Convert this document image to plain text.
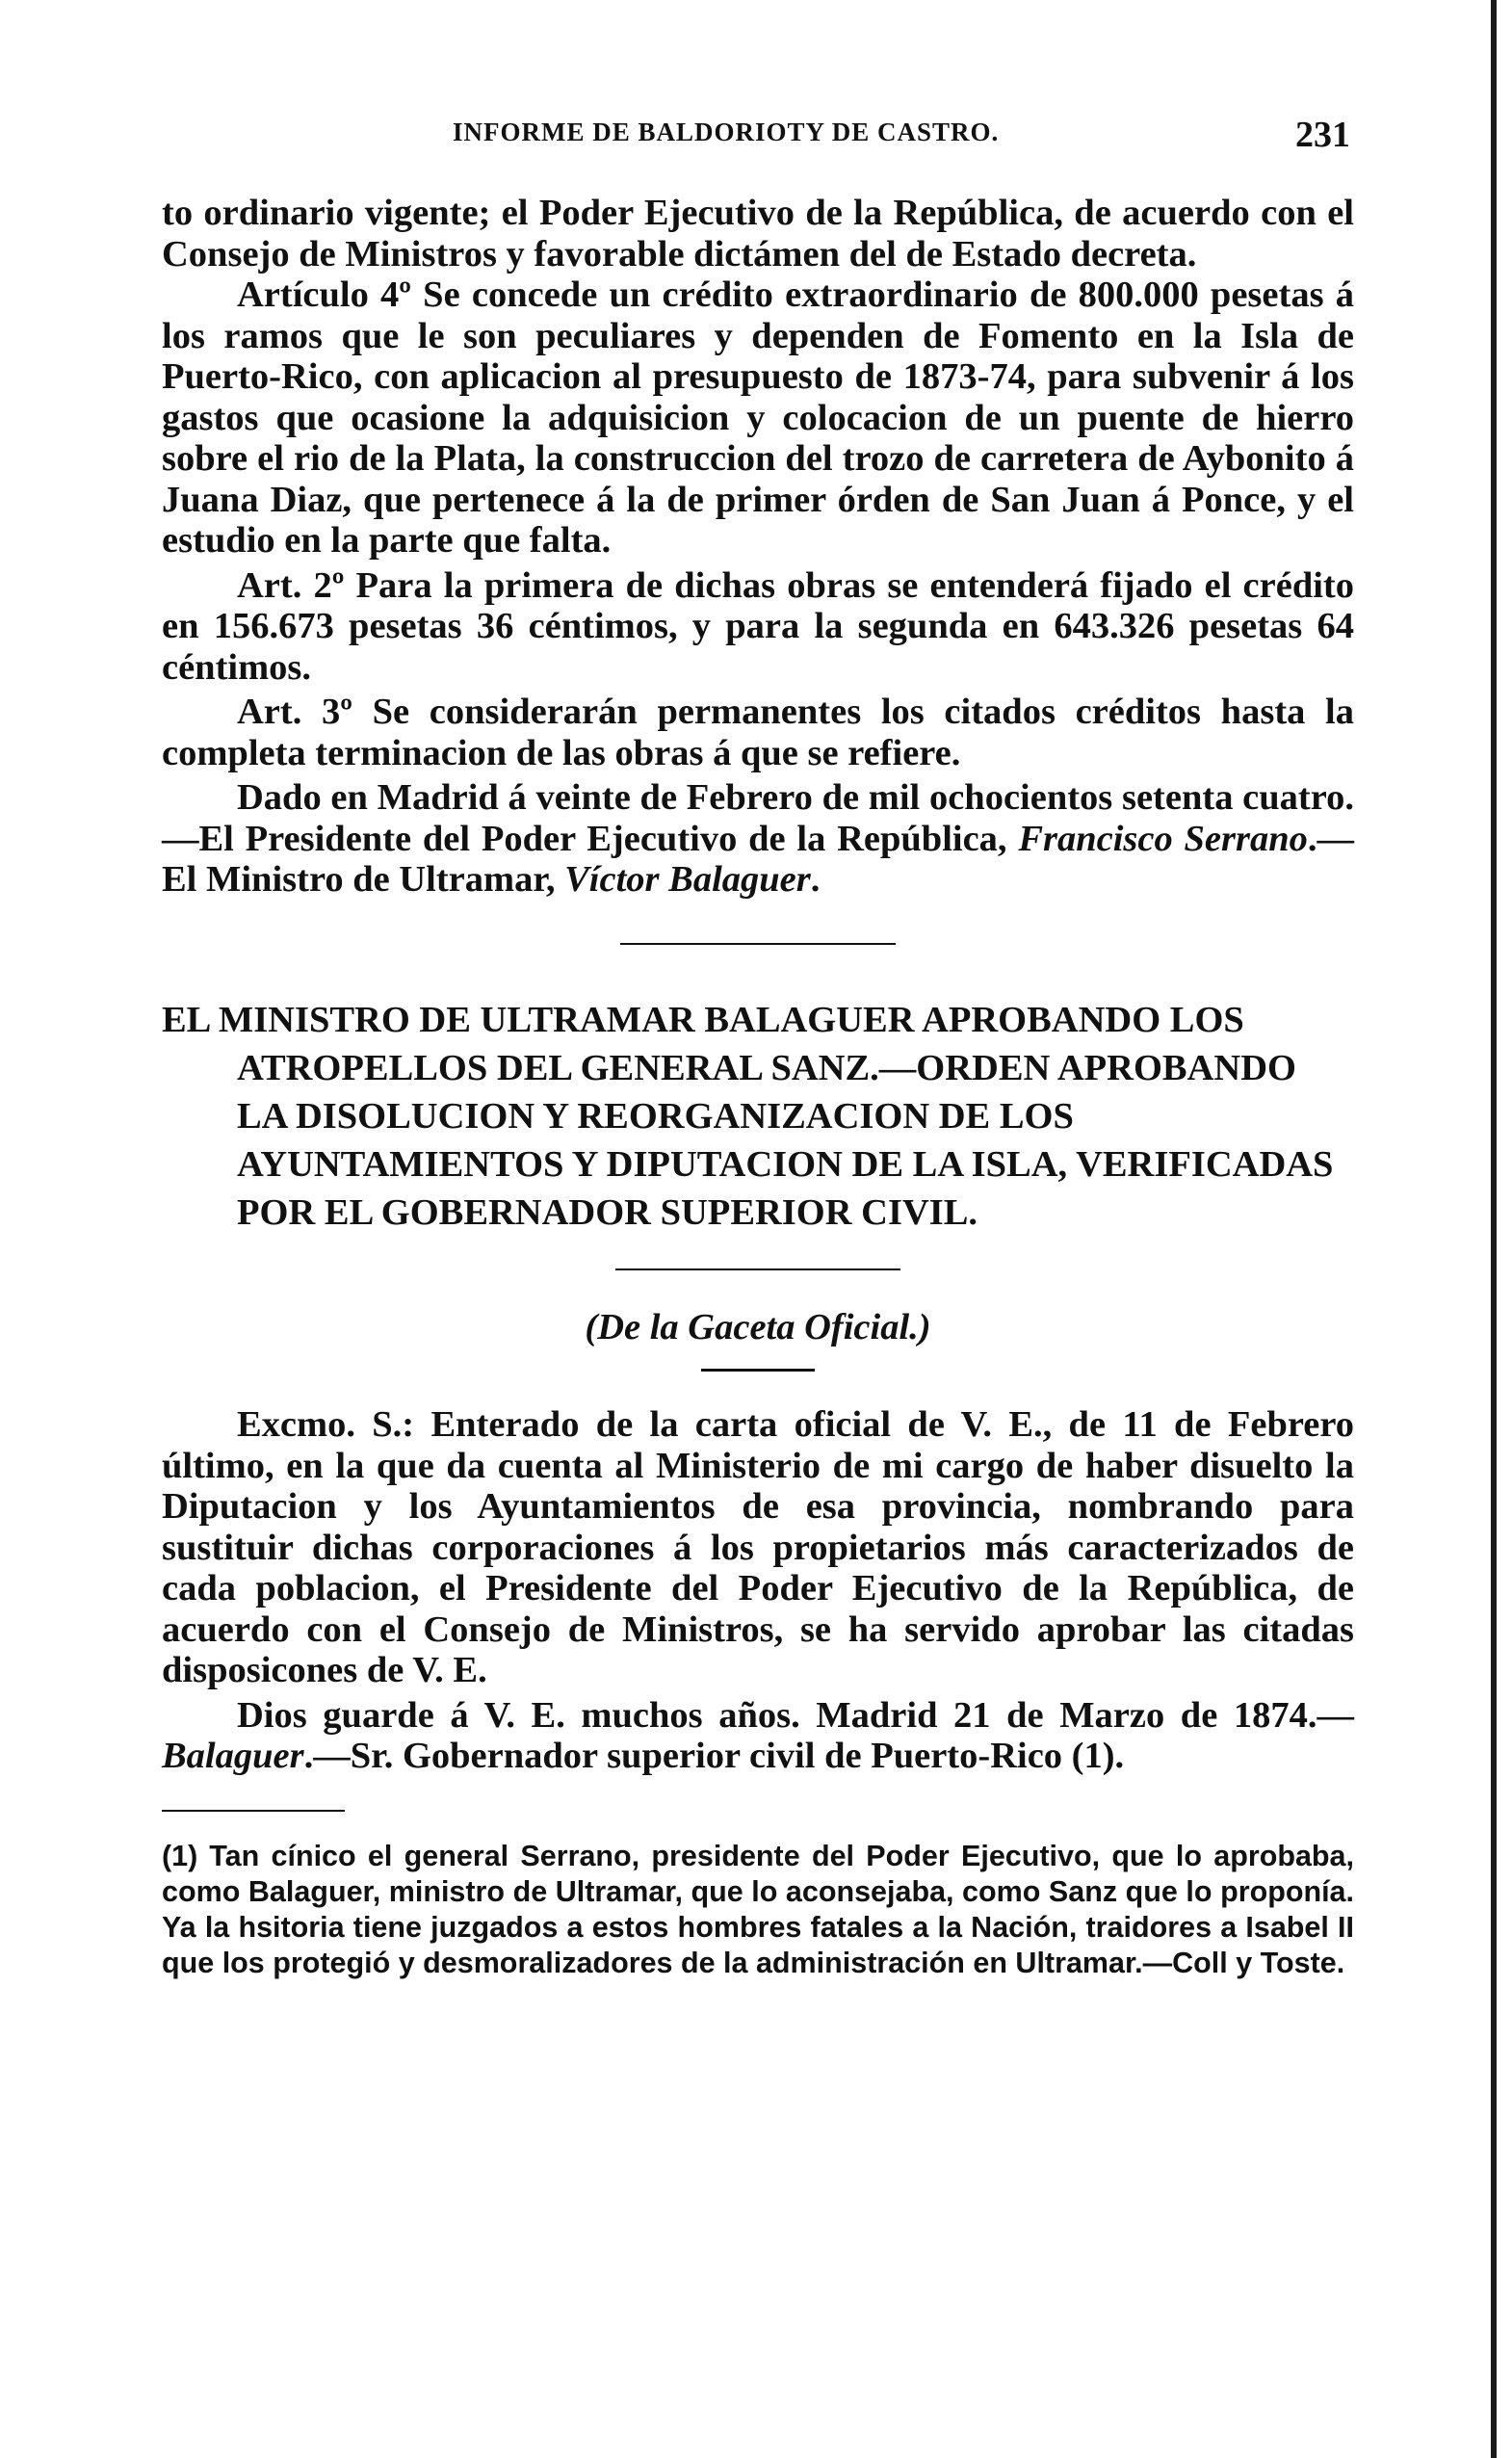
INFORME DE BALDORIOTY DE CASTRO.	231

to ordinario vigente; el Poder Ejecutivo de la República, de acuerdo con el Consejo de Ministros y favorable dictámen del de Estado decreta.

Artículo 4º Se concede un crédito extraordinario de 800.000 pesetas á los ramos que le son peculiares y dependen de Fomento en la Isla de Puerto-Rico, con aplicacion al presupuesto de 1873-74, para subvenir á los gastos que ocasione la adquisicion y colocacion de un puente de hierro sobre el rio de la Plata, la construccion del trozo de carretera de Aybonito á Juana Diaz, que pertenece á la de primer órden de San Juan á Ponce, y el estudio en la parte que falta.

Art. 2º Para la primera de dichas obras se entenderá fijado el crédito en 156.673 pesetas 36 céntimos, y para la segunda en 643.326 pesetas 64 céntimos.

Art. 3º Se considerarán permanentes los citados créditos hasta la completa terminacion de las obras á que se refiere.

Dado en Madrid á veinte de Febrero de mil ochocientos setenta cuatro.—El Presidente del Poder Ejecutivo de la República, Francisco Serrano.—El Ministro de Ultramar, Víctor Balaguer.

EL MINISTRO DE ULTRAMAR BALAGUER APROBANDO LOS ATROPELLOS DEL GENERAL SANZ.—ORDEN APROBANDO LA DISOLUCION Y REORGANIZACION DE LOS AYUNTAMIENTOS Y DIPUTACION DE LA ISLA, VERIFICADAS POR EL GOBERNADOR SUPERIOR CIVIL.
(De la Gaceta Oficial.)

Excmo. S.: Enterado de la carta oficial de V. E., de 11 de Febrero último, en la que da cuenta al Ministerio de mi cargo de haber disuelto la Diputacion y los Ayuntamientos de esa provincia, nombrando para sustituir dichas corporaciones á los propietarios más caracterizados de cada poblacion, el Presidente del Poder Ejecutivo de la República, de acuerdo con el Consejo de Ministros, se ha servido aprobar las citadas disposicones de V. E.

Dios guarde á V. E. muchos años. Madrid 21 de Marzo de 1874.—Balaguer.—Sr. Gobernador superior civil de Puerto-Rico (1).

(1) Tan cínico el general Serrano, presidente del Poder Ejecutivo, que lo aprobaba, como Balaguer, ministro de Ultramar, que lo aconsejaba, como Sanz que lo proponía. Ya la hsitoria tiene juzgados a estos hombres fatales a la Nación, traidores a Isabel II que los protegió y desmoralizadores de la administración en Ultramar.—Coll y Toste.
